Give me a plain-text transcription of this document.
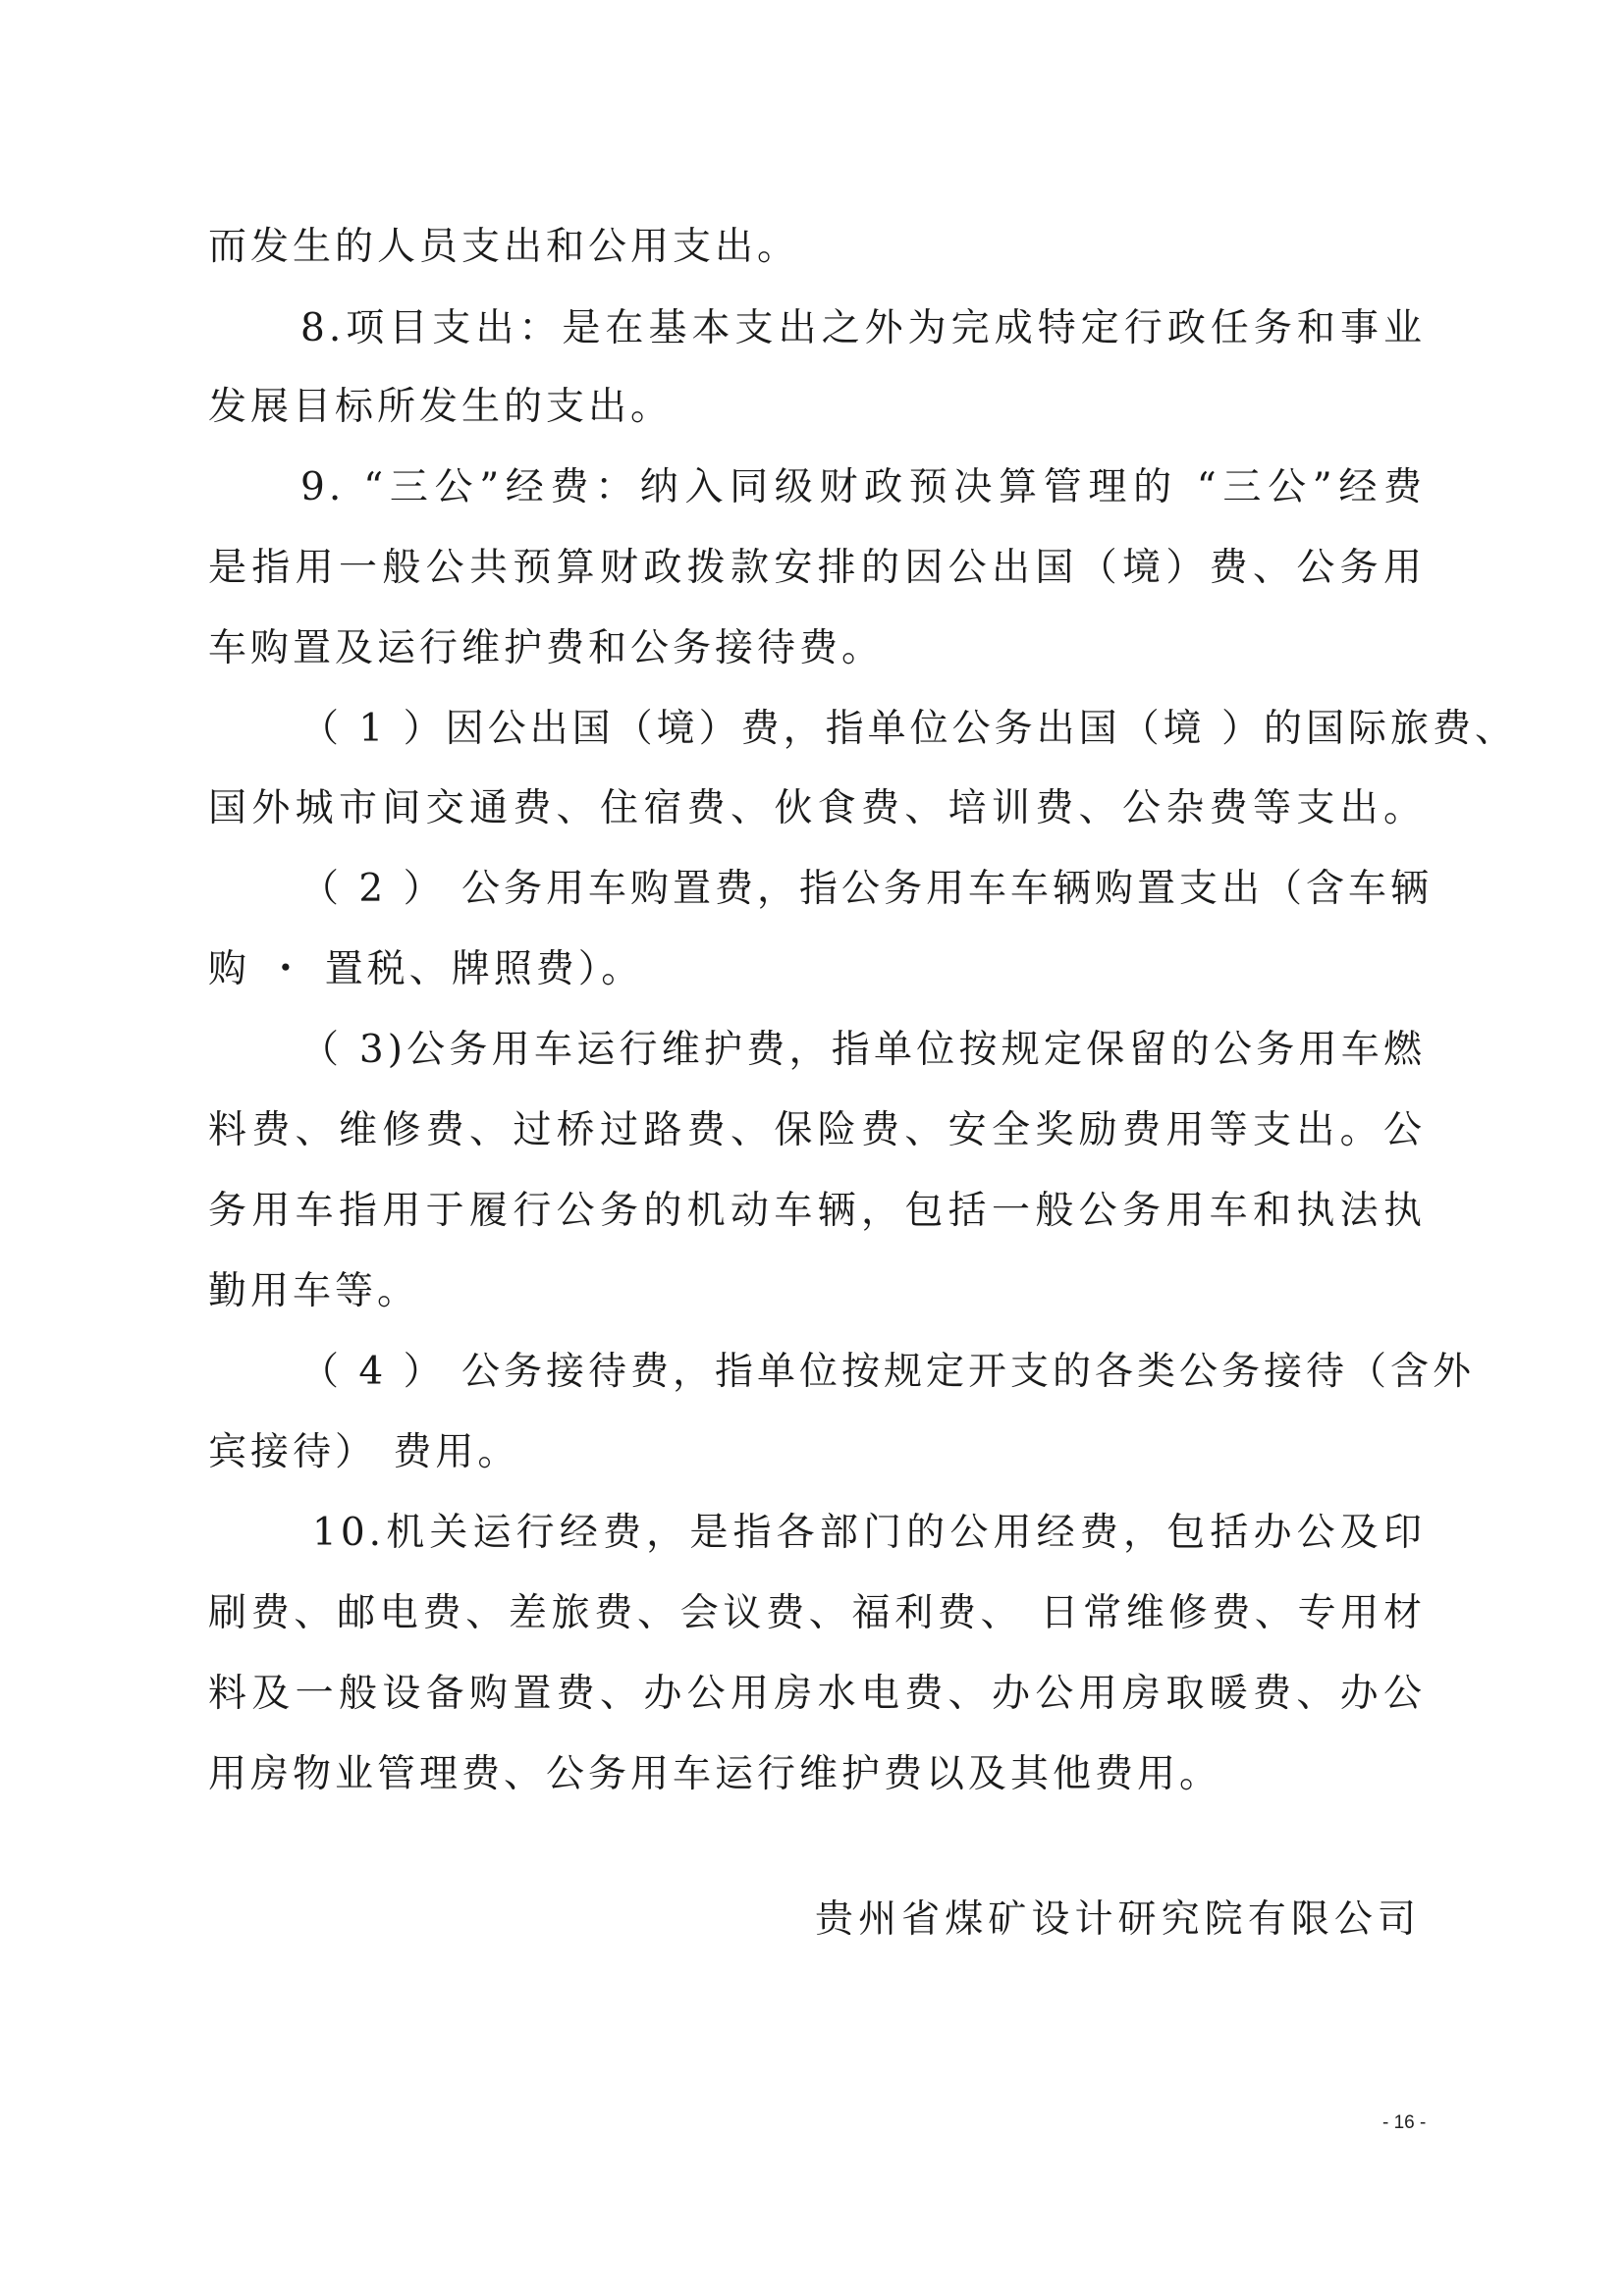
而发生的人员支出和公用支出。
8.项目支出：是在基本支出之外为完成特定行政任务和事业
发展目标所发生的支出。
9. “三公”经费：纳入同级财政预决算管理的 “三公”经费
是指用一般公共预算财政拨款安排的因公出国（境）费、公务用
车购置及运行维护费和公务接待费。
（ 1 ）因公出国（境）费，指单位公务出国（境 ）的国际旅费、
国外城市间交通费、住宿费、伙食费、培训费、公杂费等支出。
（ 2 ） 公务用车购置费，指公务用车车辆购置支出（含车辆
购 ・ 置税、牌照费）。
（ 3)公务用车运行维护费，指单位按规定保留的公务用车燃
料费、维修费、过桥过路费、保险费、安全奖励费用等支出。公
务用车指用于履行公务的机动车辆，包括一般公务用车和执法执
勤用车等。
（ 4 ） 公务接待费，指单位按规定开支的各类公务接待（含外
宾接待） 费用。
10.机关运行经费，是指各部门的公用经费，包括办公及印
刷费、邮电费、差旅费、会议费、福利费、 日常维修费、专用材
料及一般设备购置费、办公用房水电费、办公用房取暖费、办公
用房物业管理费、公务用车运行维护费以及其他费用。
贵州省煤矿设计研究院有限公司
- 16 -
